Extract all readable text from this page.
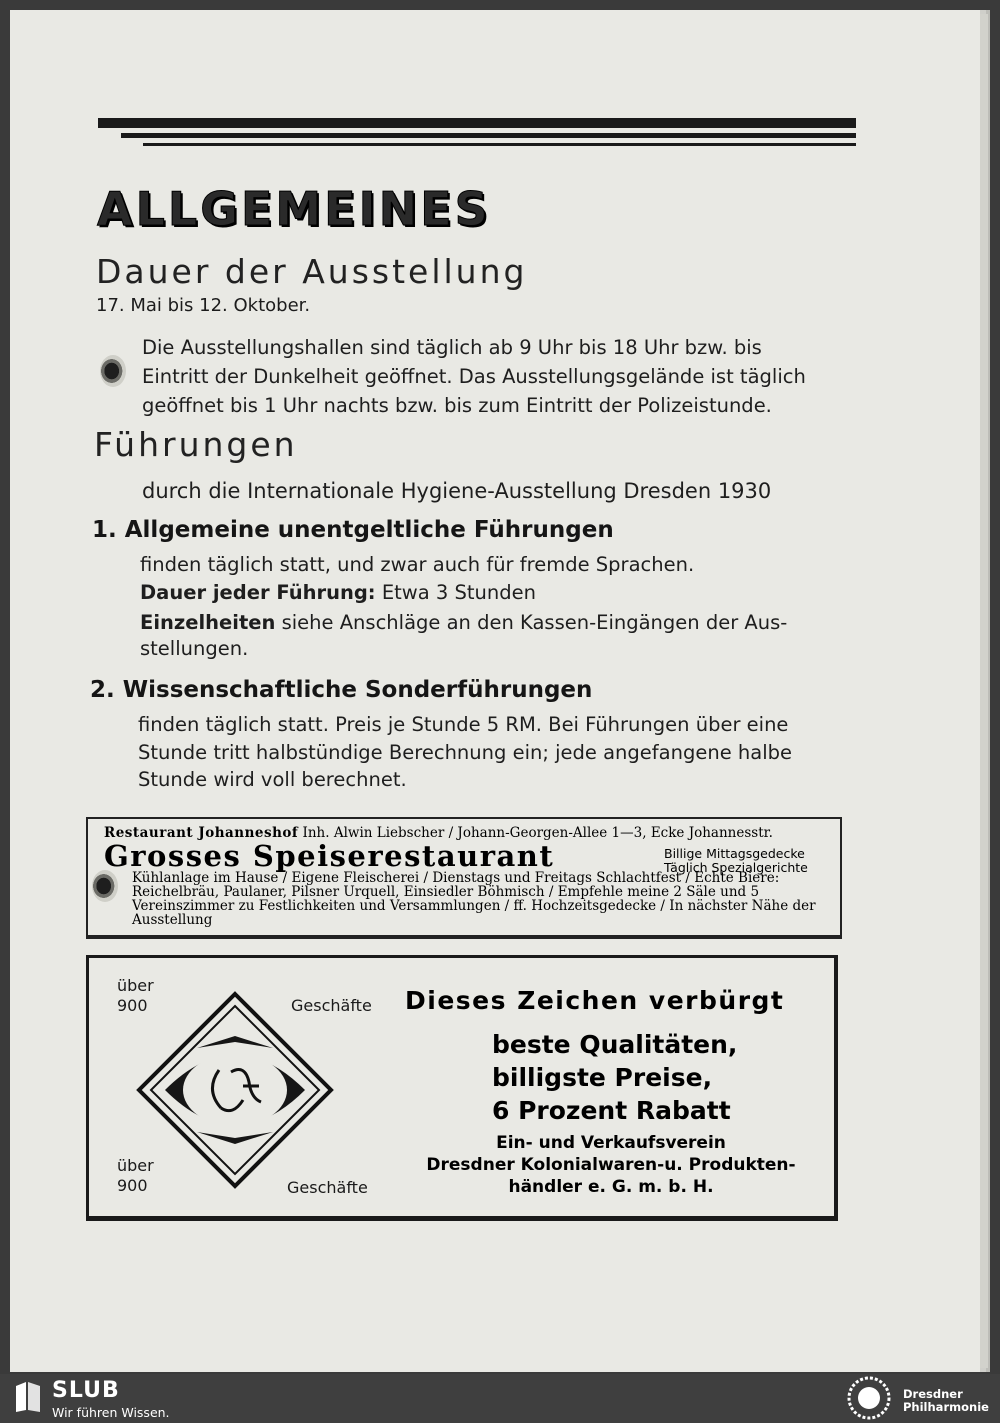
ALLGEMEINES
Dauer der Ausstellung
17. Mai bis 12. Oktober.
Die Ausstellungshallen sind täglich ab 9 Uhr bis 18 Uhr bzw. bis
Eintritt der Dunkelheit geöffnet. Das Ausstellungsgelände ist täglich
geöffnet bis 1 Uhr nachts bzw. bis zum Eintritt der Polizeistunde.
Führungen
durch die Internationale Hygiene-Ausstellung Dresden 1930
1. Allgemeine unentgeltliche Führungen
finden täglich statt, und zwar auch für fremde Sprachen.
Dauer jeder Führung: Etwa 3 Stunden
Einzelheiten siehe Anschläge an den Kassen-Eingängen der Aus-
stellungen.
2. Wissenschaftliche Sonderführungen
finden täglich statt. Preis je Stunde 5 RM. Bei Führungen über eine
Stunde tritt halbstündige Berechnung ein; jede angefangene halbe
Stunde wird voll berechnet.
Restaurant Johanneshof Inh. Alwin Liebscher / Johann-Georgen-Allee 1—3, Ecke Johannesstr.
Grosses Speiserestaurant	Billige Mittagsgedecke
Täglich Spezialgerichte
Kühlanlage im Hause / Eigene Fleischerei / Dienstags und Freitags Schlachtfest / Echte Biere: Reichelbräu, Paulaner, Pilsner Urquell, Einsiedler Böhmisch / Empfehle meine 2 Säle und 5 Vereinszimmer zu Festlichkeiten und Versammlungen / ff. Hochzeitsgedecke / In nächster Nähe der Ausstellung
über
900	Geschäfte
über
900	Geschäfte
Dieses Zeichen verbürgt
beste Qualitäten,
billigste Preise,
6 Prozent Rabatt
Ein- und Verkaufsverein
Dresdner Kolonialwaren-u. Produkten-
händler e. G. m. b. H.
SLUB
Wir führen Wissen.
Dresdner
Philharmonie
